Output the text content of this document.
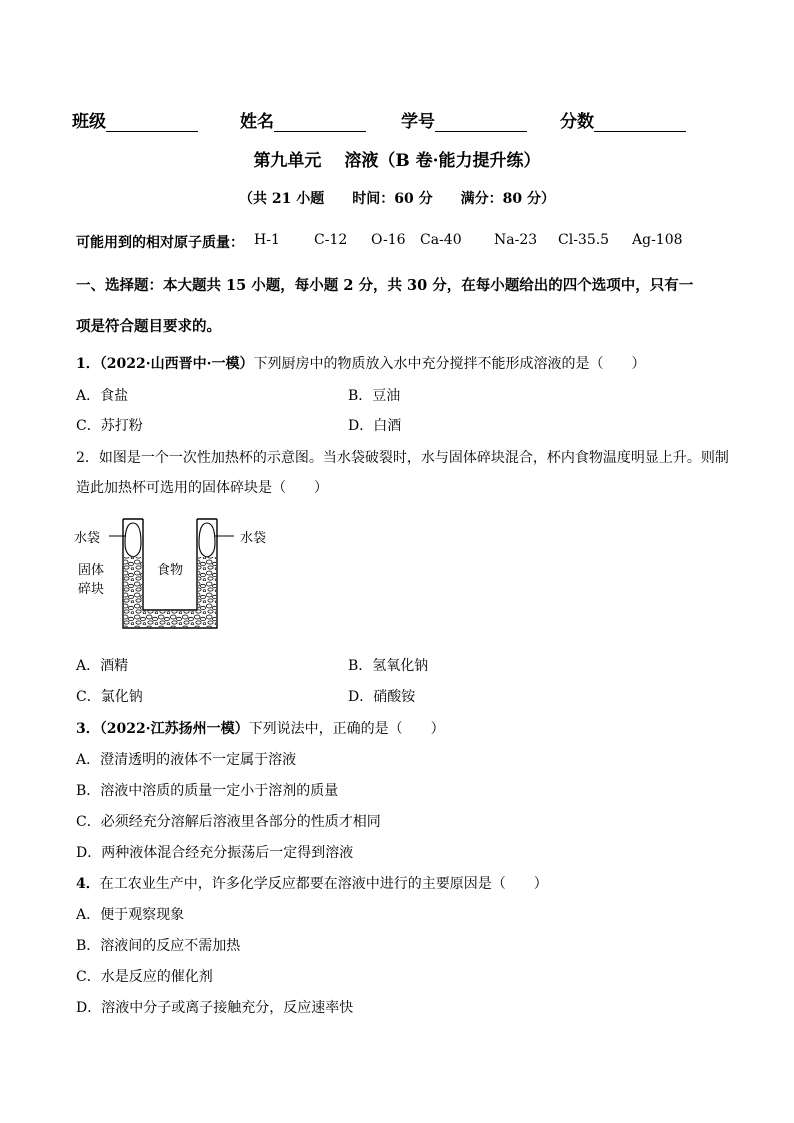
班级	姓名	学号	分数
第九单元　 溶液（B 卷·能力提升练）
（共 21 小题　　时间：60 分　　满分：80 分）
可能用到的相对原子质量： H-1 C-12 O-16 Ca-40 Na-23 Cl-35.5 Ag-108
一、选择题：本大题共 15 小题，每小题 2 分，共 30 分，在每小题给出的四个选项中，只有一
项是符合题目要求的。
1．（2022·山西晋中·一模）下列厨房中的物质放入水中充分搅拌不能形成溶液的是（　　）
A．食盐	B．豆油
C．苏打粉	D．白酒
2．如图是一个一次性加热杯的示意图。当水袋破裂时，水与固体碎块混合，杯内食物温度明显上升。则制
造此加热杯可选用的固体碎块是（　　）
水袋	水袋
固体
碎块
食物
A．酒精	B．氢氧化钠
C．氯化钠	D．硝酸铵
3．（2022·江苏扬州一模）下列说法中，正确的是（　　）
A．澄清透明的液体不一定属于溶液
B．溶液中溶质的质量一定小于溶剂的质量
C．必须经充分溶解后溶液里各部分的性质才相同
D．两种液体混合经充分振荡后一定得到溶液
4．在工农业生产中，许多化学反应都要在溶液中进行的主要原因是（　　）
A．便于观察现象
B．溶液间的反应不需加热
C．水是反应的催化剂
D．溶液中分子或离子接触充分，反应速率快
